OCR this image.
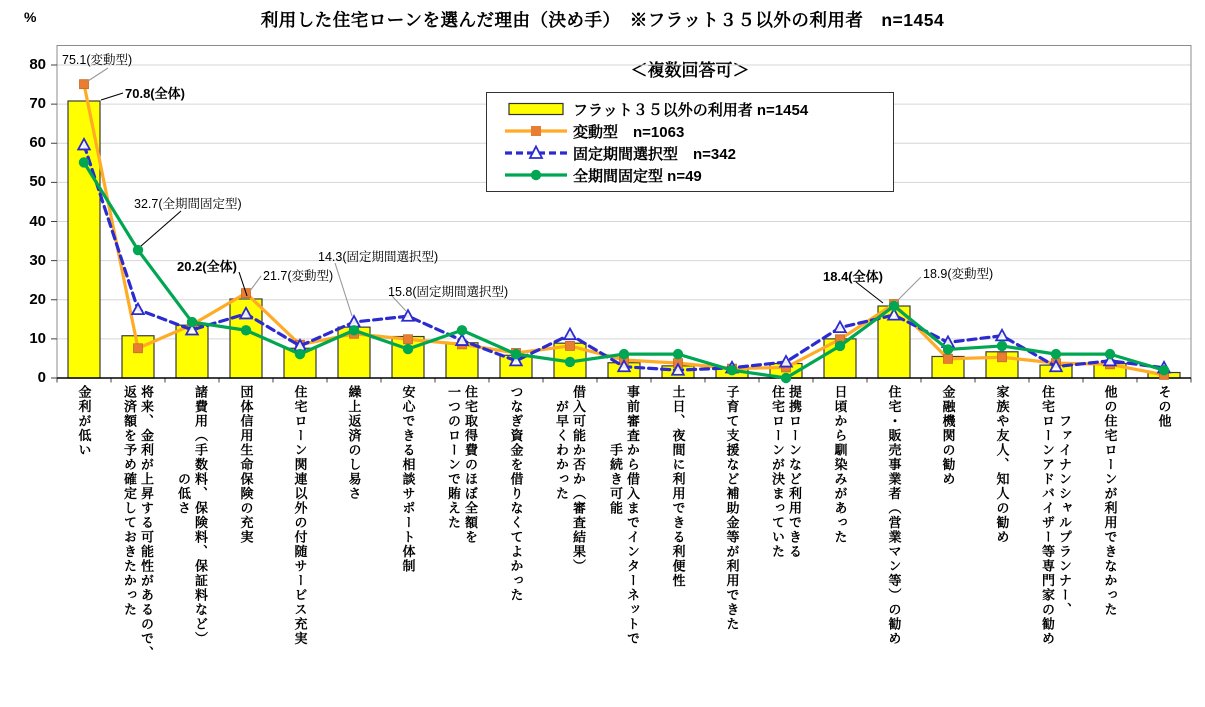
%	利用した住宅ローンを選んだ理由（決め手）　※フラット３５以外の利用者　n=1454
＜複数回答可＞
0
10
20
30
40
50
60
70
80
金利が低い	将来、金利が上昇する可能性があるので、
返済額を予め確定しておきたかった	諸費用（手数料、保険料、保証料など）
　　　　　　の低さ	団体信用生命保険の充実	住宅ローン関連以外の付随サービス充実	繰上返済のし易さ	安心できる相談サポート体制	住宅取得費のほぼ全額を
一つのローンで賄えた	つなぎ資金を借りなくてよかった	借入可能か否か（審査結果）
　が早くわかった	事前審査から借入までインターネットで
　　　　手続き可能	土日、夜間に利用できる利便性	子育て支援など補助金等が利用できた	提携ローンなど利用できる
住宅ローンが決まっていた	日頃から馴染みがあった	住宅・販売事業者（営業マン等）の勧め	金融機関の勧め	家族や友人、知人の勧め	　　ファイナンシャルプランナー、
住宅ローンアドバイザー等専門家の勧め	他の住宅ローンが利用できなかった	その他
フラット３５以外の利用者 n=1454
変動型　n=1063
固定期間選択型　n=342
全期間固定型 n=49
75.1(変動型)
70.8(全体)
32.7(全期間固定型)
20.2(全体)
21.7(変動型)
14.3(固定期間選択型)
15.8(固定期間選択型)
18.4(全体)	18.9(変動型)
